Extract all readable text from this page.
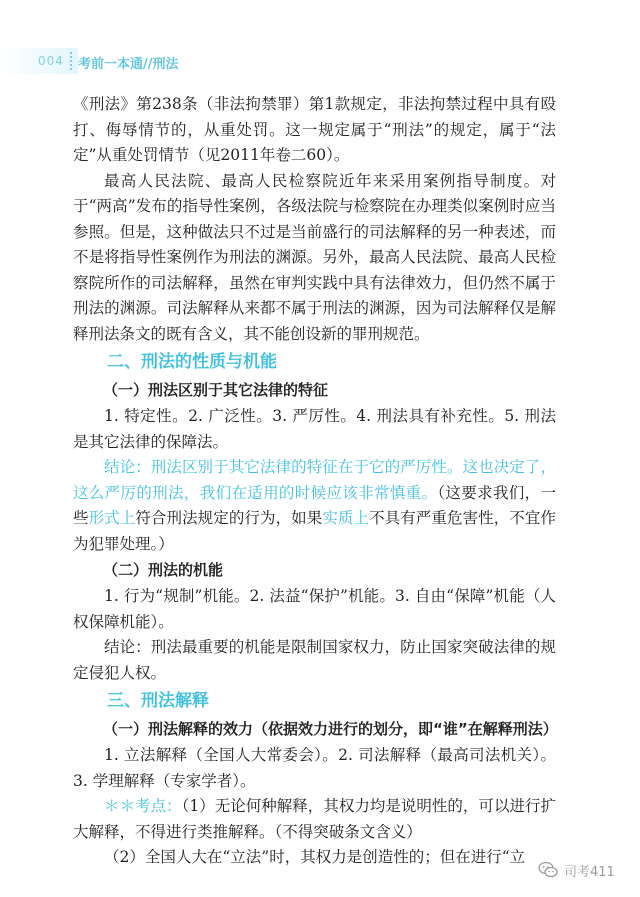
004 考前一本通//刑法

《刑法》第238条（非法拘禁罪）第1款规定，非法拘禁过程中具有殴打、侮辱情节的，从重处罚。这一规定属于“刑法”的规定，属于“法定”从重处罚情节（见2011年卷二60）。

最高人民法院、最高人民检察院近年来采用案例指导制度。对于“两高”发布的指导性案例，各级法院与检察院在办理类似案例时应当参照。但是，这种做法只不过是当前盛行的司法解释的另一种表述，而不是将指导性案例作为刑法的渊源。另外，最高人民法院、最高人民检察院所作的司法解释，虽然在审判实践中具有法律效力，但仍然不属于刑法的渊源。司法解释从来都不属于刑法的渊源，因为司法解释仅是解释刑法条文的既有含义，其不能创设新的罪刑规范。

二、刑法的性质与机能
（一）刑法区别于其它法律的特征

1. 特定性。2. 广泛性。3. 严厉性。4. 刑法具有补充性。5. 刑法是其它法律的保障法。

结论：刑法区别于其它法律的特征在于它的严厉性。这也决定了，这么严厉的刑法，我们在适用的时候应该非常慎重。（这要求我们，一些形式上符合刑法规定的行为，如果实质上不具有严重危害性，不宜作为犯罪处理。）

（二）刑法的机能

1. 行为“规制”机能。2. 法益“保护”机能。3. 自由“保障”机能（人权保障机能）。

结论：刑法最重要的机能是限制国家权力，防止国家突破法律的规定侵犯人权。

三、刑法解释
（一）刑法解释的效力（依据效力进行的划分，即“谁”在解释刑法）

1. 立法解释（全国人大常委会）。2. 司法解释（最高司法机关）。3. 学理解释（专家学者）。

＊＊考点：（1）无论何种解释，其权力均是说明性的，可以进行扩大解释，不得进行类推解释。（不得突破条文含义）

（2）全国人大在“立法”时，其权力是创造性的；但在进行“立

司考411
